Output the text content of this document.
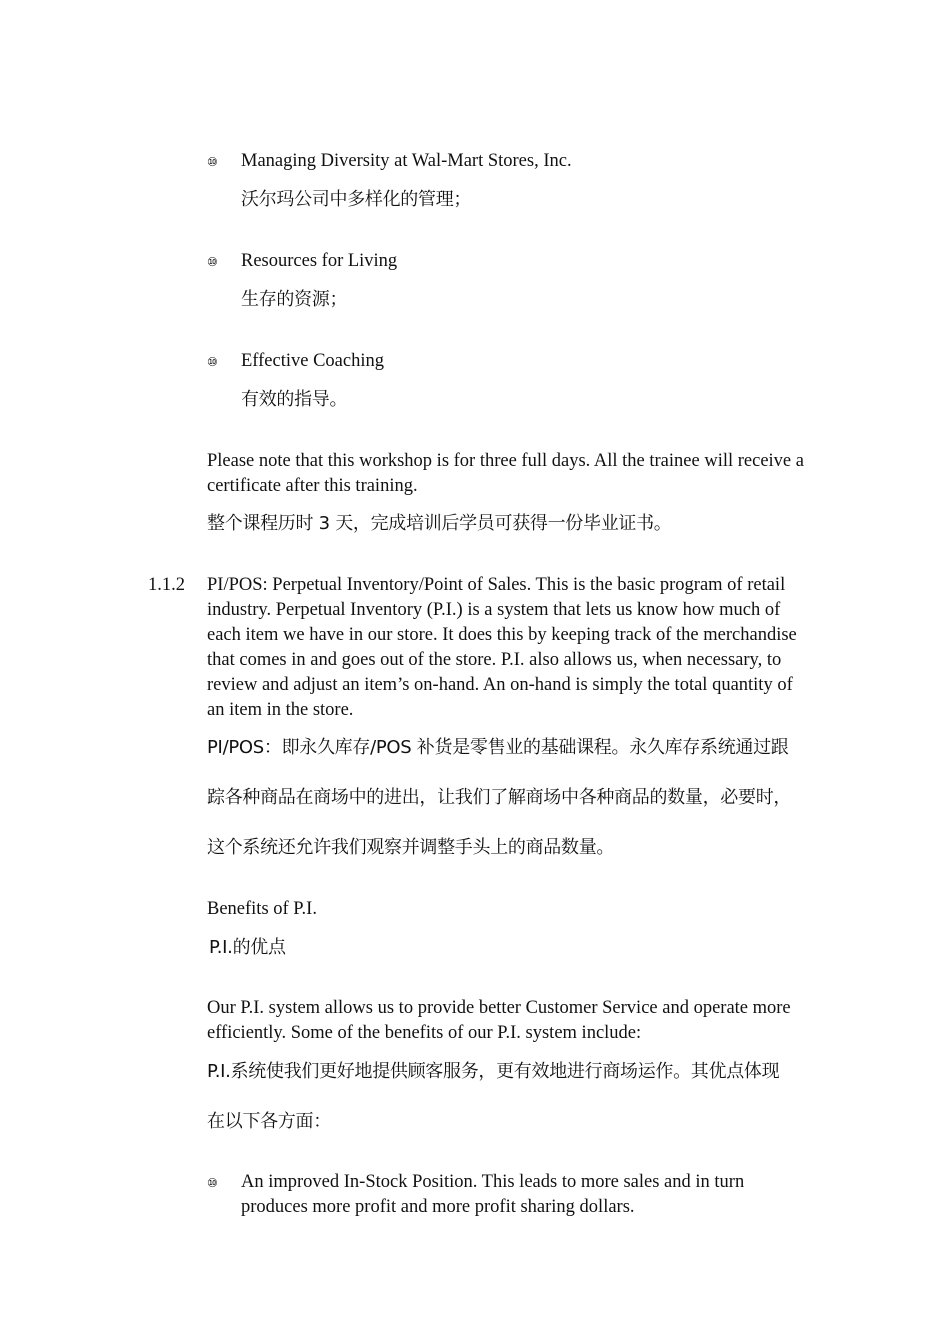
⑩ Managing Diversity at Wal-Mart Stores, Inc.
沃尔玛公司中多样化的管理；
⑩ Resources for Living
生存的资源；
⑩ Effective Coaching
有效的指导。
Please note that this workshop is for three full days. All the trainee will receive a
certificate after this training.
整个课程历时 3 天，完成培训后学员可获得一份毕业证书。
1.1.2 PI/POS: Perpetual Inventory/Point of Sales. This is the basic program of retail
industry. Perpetual Inventory (P.I.) is a system that lets us know how much of
each item we have in our store. It does this by keeping track of the merchandise
that comes in and goes out of the store. P.I. also allows us, when necessary, to
review and adjust an item’s on-hand. An on-hand is simply the total quantity of
an item in the store.
PI/POS：即永久库存/POS 补货是零售业的基础课程。永久库存系统通过跟
踪各种商品在商场中的进出，让我们了解商场中各种商品的数量，必要时，
这个系统还允许我们观察并调整手头上的商品数量。
Benefits of P.I.
P.I.的优点
Our P.I. system allows us to provide better Customer Service and operate more
efficiently. Some of the benefits of our P.I. system include:
P.I.系统使我们更好地提供顾客服务，更有效地进行商场运作。其优点体现
在以下各方面：
⑩ An improved In-Stock Position. This leads to more sales and in turn
produces more profit and more profit sharing dollars.
